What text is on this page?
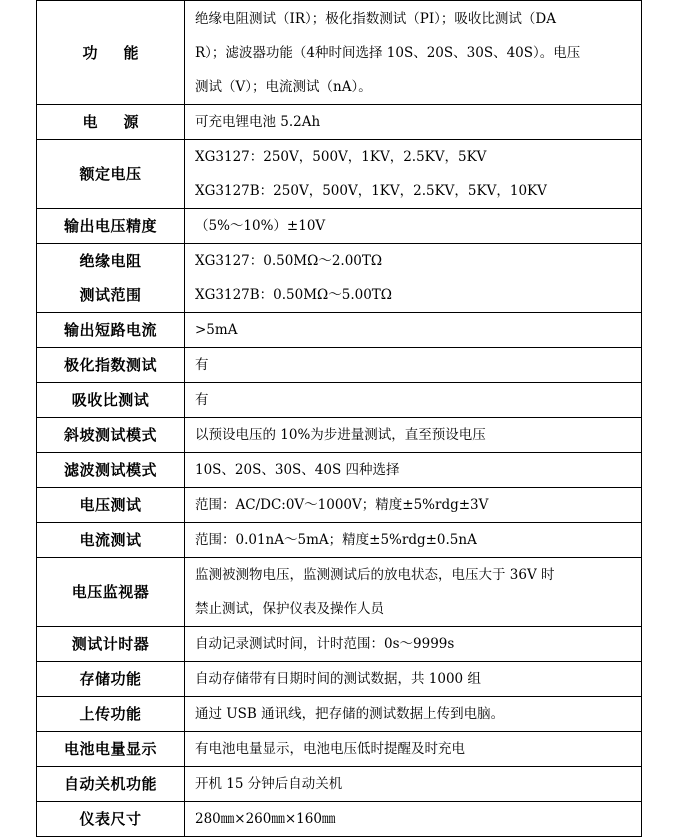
功能	绝缘电阻测试（IR）；极化指数测试（PI）；吸收比测试（DA
R）；滤波器功能（4种时间选择 10S、20S、30S、40S）。电压
测试（V）；电流测试（nA）。

电源	可充电锂电池 5.2Ah

额定电压	XG3127：250V，500V，1KV，2.5KV，5KV
XG3127B：250V，500V，1KV，2.5KV，5KV，10KV

输出电压精度	（5%～10%）±10V

绝缘电阻
测试范围	XG3127：0.50MΩ～2.00TΩ
XG3127B：0.50MΩ～5.00TΩ

输出短路电流	>5mA

极化指数测试	有

吸收比测试	有

斜坡测试模式	以预设电压的 10%为步进量测试，直至预设电压

滤波测试模式	10S、20S、30S、40S 四种选择

电压测试	范围：AC/DC:0V～1000V；精度±5%rdg±3V

电流测试	范围：0.01nA～5mA；精度±5%rdg±0.5nA

电压监视器	监测被测物电压，监测测试后的放电状态，电压大于 36V 时
禁止测试，保护仪表及操作人员

测试计时器	自动记录测试时间，计时范围：0s～9999s

存储功能	自动存储带有日期时间的测试数据，共 1000 组

上传功能	通过 USB 通讯线，把存储的测试数据上传到电脑。

电池电量显示	有电池电量显示，电池电压低时提醒及时充电

自动关机功能	开机 15 分钟后自动关机

仪表尺寸	280㎜×260㎜×160㎜
